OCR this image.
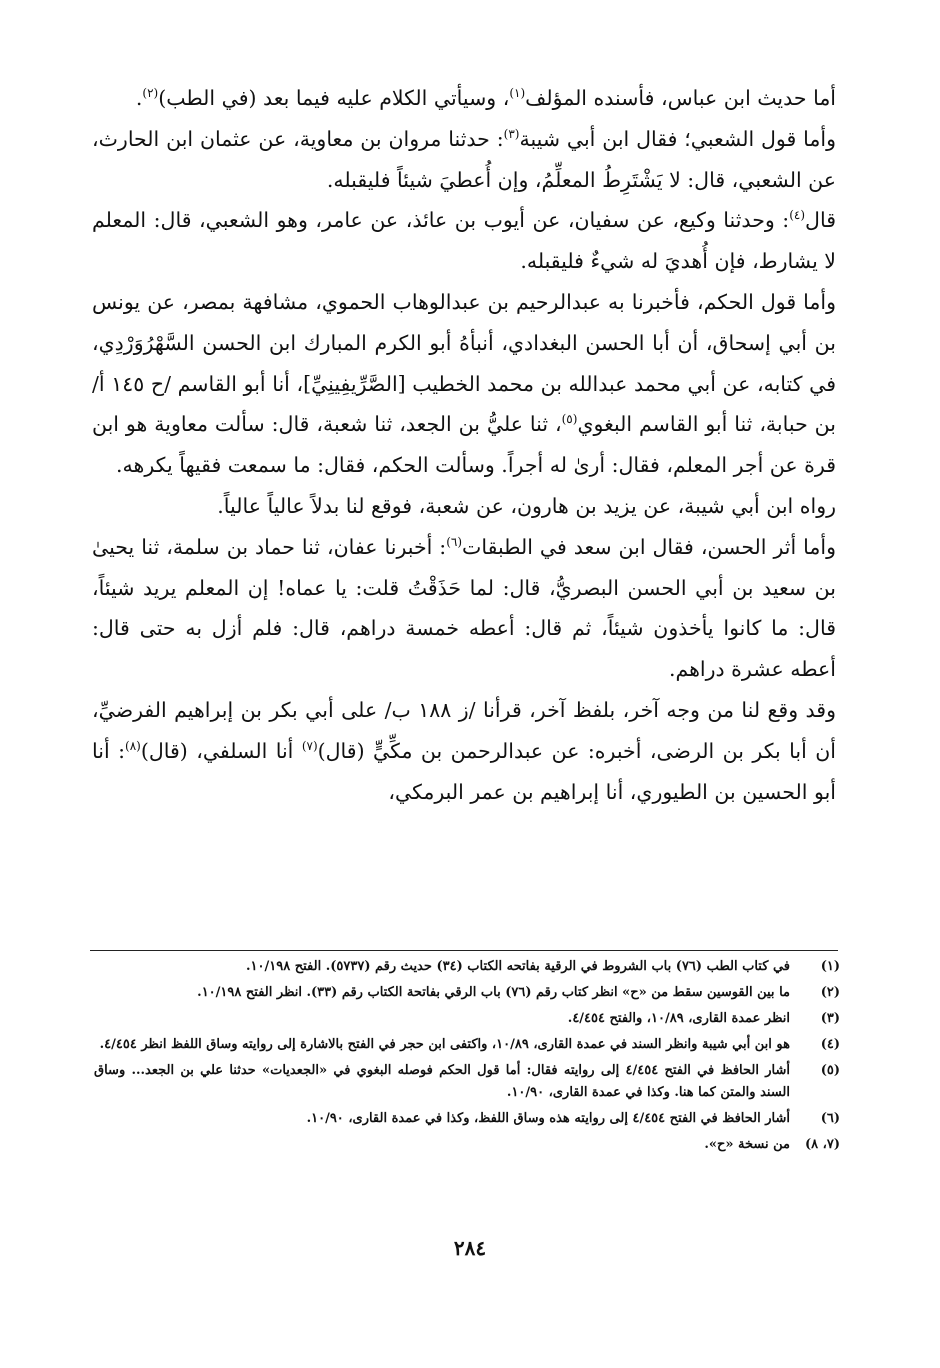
أما حديث ابن عباس، فأسنده المؤلف$^{(١)}$، وسيأتي الكلام عليه فيما بعد (في الطب)$^{(٢)}$.

وأما قول الشعبي؛ فقال ابن أبي شيبة$^{(٣)}$: حدثنا مروان بن معاوية، عن عثمان ابن الحارث، عن الشعبي، قال: لا يَشْتَرِطُ المعلِّمُ، وإن أُعطيَ شيئاً فليقبله.

قال$^{(٤)}$: وحدثنا وكيع، عن سفيان، عن أيوب بن عائذ، عن عامر، وهو الشعبي، قال: المعلم لا يشارط، فإن أُهديَ له شيءٌ فليقبله.

وأما قول الحكم، فأخبرنا به عبدالرحيم بن عبدالوهاب الحموي، مشافهة بمصر، عن يونس بن أبي إسحاق، أن أبا الحسن البغدادي، أنبأهُ أبو الكرم المبارك ابن الحسن السَّهْرُوَرْدِي، في كتابه، عن أبي محمد عبدالله بن محمد الخطيب [الصَّرِّيفِينِيِّ]، أنا أبو القاسم /ح ١٤٥ أ/ بن حبابة، ثنا أبو القاسم البغوي$^{(٥)}$، ثنا عليُّ بن الجعد، ثنا شعبة، قال: سألت معاوية هو ابن قرة عن أجر المعلم، فقال: أرىٰ له أجراً. وسألت الحكم، فقال: ما سمعت فقيهاً يكرهه.

رواه ابن أبي شيبة، عن يزيد بن هارون، عن شعبة، فوقع لنا بدلاً عالياً عالياً.

وأما أثر الحسن، فقال ابن سعد في الطبقات$^{(٦)}$: أخبرنا عفان، ثنا حماد بن سلمة، ثنا يحيىٰ بن سعيد بن أبي الحسن البصريُّ، قال: لما حَذَقْتُ قلت: يا عماه! إن المعلم يريد شيئاً، قال: ما كانوا يأخذون شيئاً، ثم قال: أعطه خمسة دراهم، قال: فلم أزل به حتى قال: أعطه عشرة دراهم.

وقد وقع لنا من وجه آخر، بلفظ آخر، قرأنا /ز ١٨٨ ب/ على أبي بكر بن إبراهيم الفرضيِّ، أن أبا بكر بن الرضى، أخبره: عن عبدالرحمن بن مكِّيٍّ (قال)$^{(٧)}$ أنا السلفي، (قال)$^{(٨)}$: أنا أبو الحسين بن الطيوري، أنا إبراهيم بن عمر البرمكي،

(١)
في كتاب الطب (٧٦) باب الشروط في الرقية بفاتحه الكتاب (٣٤) حديث رقم (٥٧٣٧). الفتح ١٠/١٩٨.
(٢)
ما بين القوسين سقط من «ح» انظر كتاب رقم (٧٦) باب الرقي بفاتحة الكتاب رقم (٣٣). انظر الفتح ١٠/١٩٨.
(٣)
انظر عمدة القارى، ١٠/٨٩، والفتح ٤/٤٥٤.
(٤)
هو ابن أبي شيبة وانظر السند في عمدة القارى، ١٠/٨٩، واكتفى ابن حجر في الفتح بالاشارة إلى روايته وساق اللفظ انظر ٤/٤٥٤.
(٥)
أشار الحافظ في الفتح ٤/٤٥٤ إلى روايته فقال: أما قول الحكم فوصله البغوي في «الجعديات» حدثنا علي بن الجعد... وساق السند والمتن كما هنا. وكذا في عمدة القارى، ١٠/٩٠.
(٦)
أشار الحافظ في الفتح ٤/٤٥٤ إلى روايته هذه وساق اللفظ، وكذا في عمدة القارى، ١٠/٩٠.
(٧، ٨)
من نسخة «ح».
٢٨٤
